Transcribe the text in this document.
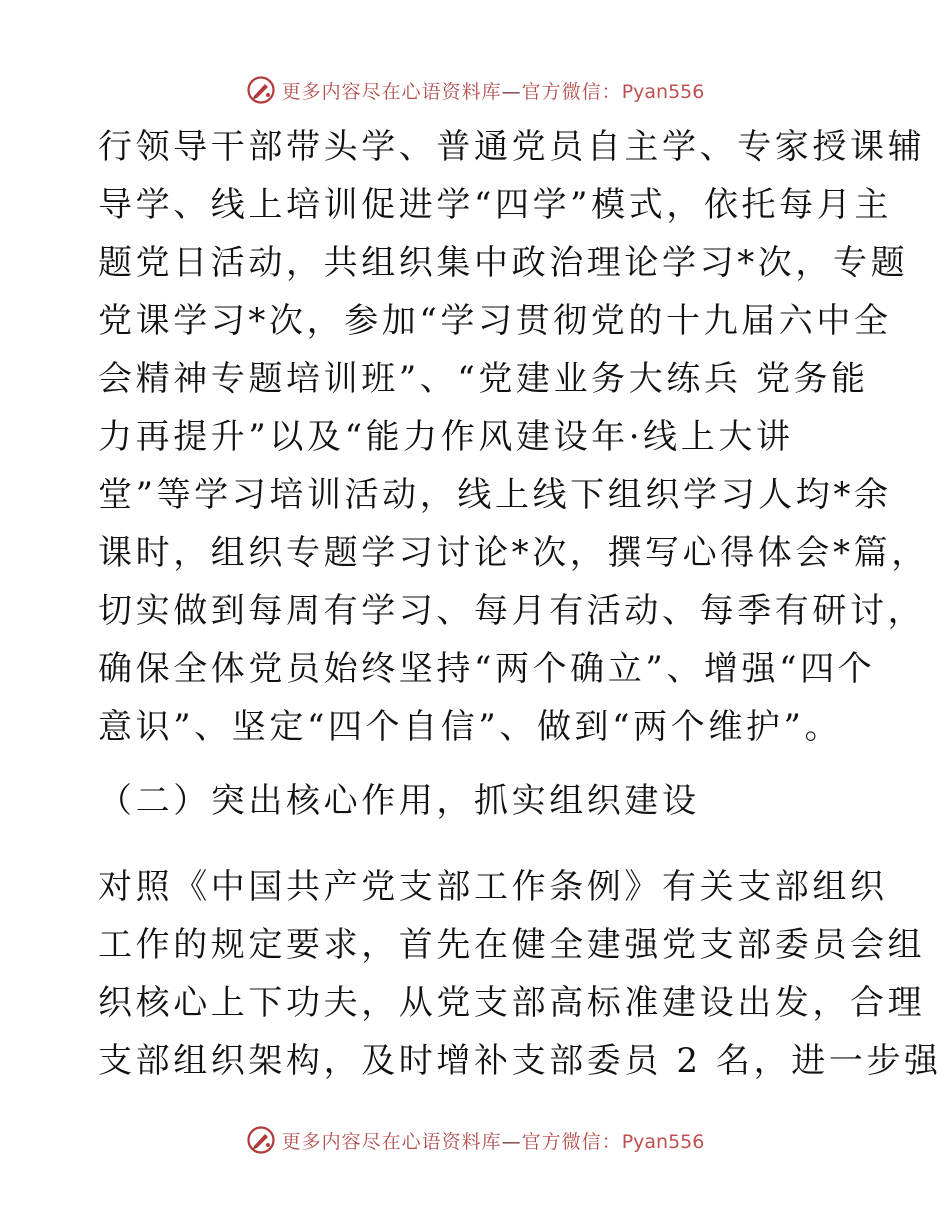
更多内容尽在心语资料库—官方微信：Pyan556
行领导干部带头学、普通党员自主学、专家授课辅
导学、线上培训促进学“四学”模式，依托每月主
题党日活动，共组织集中政治理论学习*次，专题
党课学习*次，参加“学习贯彻党的十九届六中全
会精神专题培训班”、“党建业务大练兵 党务能
力再提升”以及“能力作风建设年·线上大讲
堂”等学习培训活动，线上线下组织学习人均*余
课时，组织专题学习讨论*次，撰写心得体会*篇，
切实做到每周有学习、每月有活动、每季有研讨，
确保全体党员始终坚持“两个确立”、增强“四个
意识”、坚定“四个自信”、做到“两个维护”。
（二）突出核心作用，抓实组织建设
对照《中国共产党支部工作条例》有关支部组织
工作的规定要求，首先在健全建强党支部委员会组
织核心上下功夫，从党支部高标准建设出发，合理
支部组织架构，及时增补支部委员 2 名，进一步强
更多内容尽在心语资料库—官方微信：Pyan556
